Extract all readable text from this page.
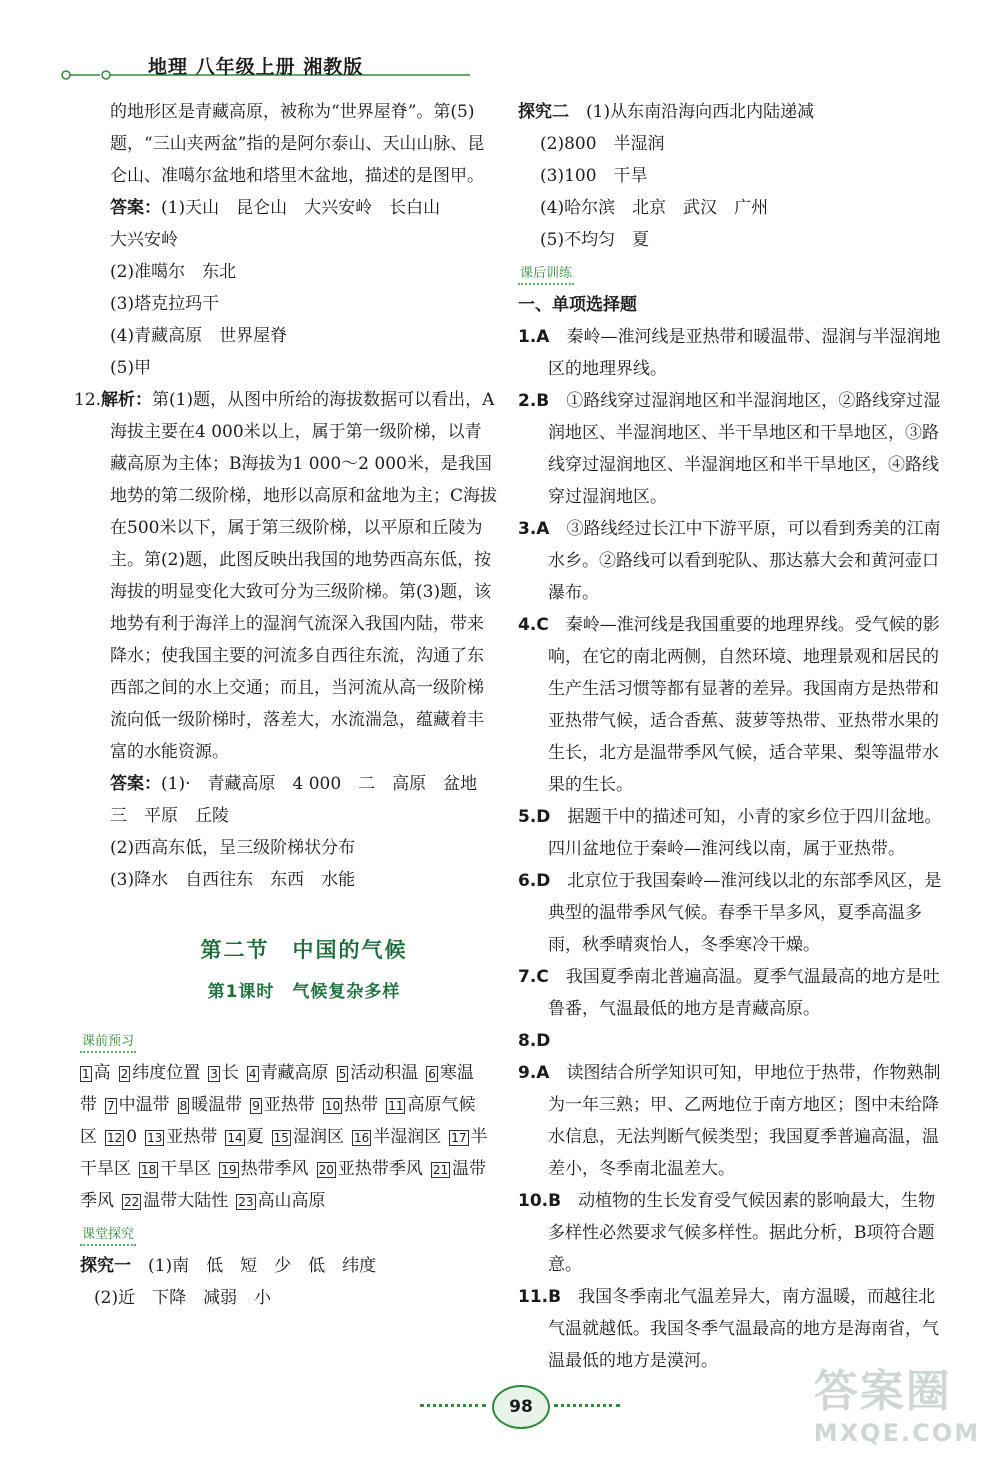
地理 八年级上册 湘教版

的地形区是青藏高原，被称为“世界屋脊”。第(5)

题，“三山夹两盆”指的是阿尔泰山、天山山脉、昆

仑山、准噶尔盆地和塔里木盆地，描述的是图甲。

答案：(1)天山　昆仑山　大兴安岭　长白山

大兴安岭

(2)准噶尔　东北

(3)塔克拉玛干

(4)青藏高原　世界屋脊

(5)甲

12.解析：第(1)题，从图中所给的海拔数据可以看出，A海拔主要在4 000米以上，属于第一级阶梯，以青藏高原为主体；B海拔为1 000～2 000米，是我国地势的第二级阶梯，地形以高原和盆地为主；C海拔在500米以下，属于第三级阶梯，以平原和丘陵为主。第(2)题，此图反映出我国的地势西高东低，按海拔的明显变化大致可分为三级阶梯。第(3)题，该地势有利于海洋上的湿润气流深入我国内陆，带来降水；使我国主要的河流多自西往东流，沟通了东西部之间的水上交通；而且，当河流从高一级阶梯流向低一级阶梯时，落差大，水流湍急，蕴藏着丰富的水能资源。

答案：(1)·　青藏高原　4 000　二　高原　盆地

三　平原　丘陵

(2)西高东低，呈三级阶梯状分布

(3)降水　自西往东　东西　水能

第二节　中国的气候
第1课时　气候复杂多样
课前预习
1 高 2 纬度位置 3 长 4 青藏高原 5 活动积温 6 寒温带 7 中温带 8 暖温带 9 亚热带 10 热带 11 高原气候区 12 0 13 亚热带 14 夏 15 湿润区 16 半湿润区 17 半干旱区 18 干旱区 19 热带季风 20 亚热带季风 21 温带季风 22 温带大陆性 23 高山高原
课堂探究

探究一　 (1)南　低　短　少　低　纬度

(2)近　下降　减弱　小

探究二　 (1)从东南沿海向西北内陆递减

(2)800　半湿润

(3)100　干旱

(4)哈尔滨　北京　武汉　广州

(5)不均匀　夏

课后训练

一、单项选择题

1.A　 秦岭—淮河线是亚热带和暖温带、湿润与半湿润地区的地理界线。

2.B　 ①路线穿过湿润地区和半湿润地区，②路线穿过湿润地区、半湿润地区、半干旱地区和干旱地区，③路线穿过湿润地区、半湿润地区和半干旱地区，④路线穿过湿润地区。

3.A　 ③路线经过长江中下游平原，可以看到秀美的江南水乡。②路线可以看到驼队、那达慕大会和黄河壶口瀑布。

4.C　 秦岭—淮河线是我国重要的地理界线。受气候的影响，在它的南北两侧，自然环境、地理景观和居民的生产生活习惯等都有显著的差异。我国南方是热带和亚热带气候，适合香蕉、菠萝等热带、亚热带水果的生长，北方是温带季风气候，适合苹果、梨等温带水果的生长。

5.D　 据题干中的描述可知，小青的家乡位于四川盆地。四川盆地位于秦岭—淮河线以南，属于亚热带。

6.D　 北京位于我国秦岭—淮河线以北的东部季风区，是典型的温带季风气候。春季干旱多风，夏季高温多雨，秋季晴爽怡人，冬季寒冷干燥。

7.C　 我国夏季南北普遍高温。夏季气温最高的地方是吐鲁番，气温最低的地方是青藏高原。

8.D　

9.A　 读图结合所学知识可知，甲地位于热带，作物熟制为一年三熟；甲、乙两地位于南方地区；图中未给降水信息，无法判断气候类型；我国夏季普遍高温，温差小，冬季南北温差大。

10.B　 动植物的生长发育受气候因素的影响最大，生物多样性必然要求气候多样性。据此分析，B项符合题意。

11.B　 我国冬季南北气温差异大，南方温暖，而越往北气温就越低。我国冬季气温最高的地方是海南省，气温最低的地方是漠河。

98	答案圈
MXQE.COM
